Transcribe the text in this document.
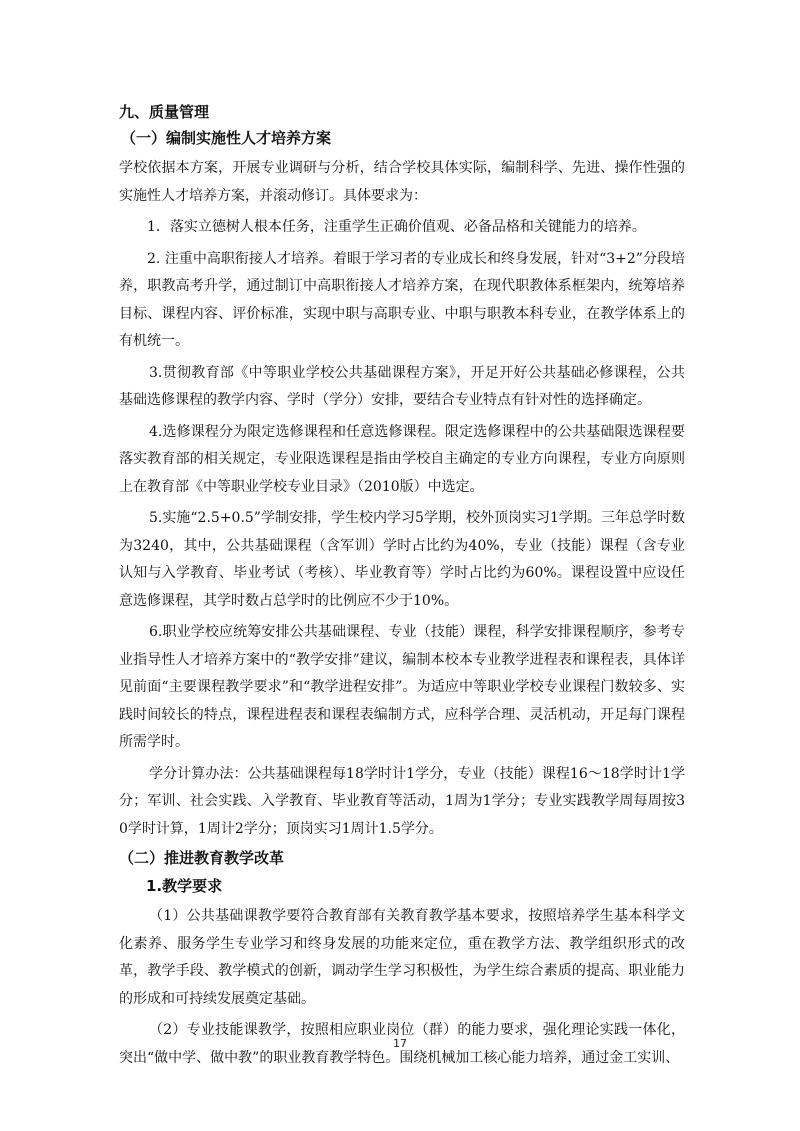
九、质量管理
（一）编制实施性人才培养方案
学校依据本方案，开展专业调研与分析，结合学校具体实际，编制科学、先进、操作性强的实施性人才培养方案，并滚动修订。具体要求为：
1．落实立德树人根本任务，注重学生正确价值观、必备品格和关键能力的培养。
2. 注重中高职衔接人才培养。着眼于学习者的专业成长和终身发展，针对“3+2”分段培养，职教高考升学，通过制订中高职衔接人才培养方案，在现代职教体系框架内，统筹培养目标、课程内容、评价标准，实现中职与高职专业、中职与职教本科专业，在教学体系上的有机统一。
3.贯彻教育部《中等职业学校公共基础课程方案》，开足开好公共基础必修课程，公共基础选修课程的教学内容、学时（学分）安排，要结合专业特点有针对性的选择确定。
4.选修课程分为限定选修课程和任意选修课程。限定选修课程中的公共基础限选课程要落实教育部的相关规定，专业限选课程是指由学校自主确定的专业方向课程，专业方向原则上在教育部《中等职业学校专业目录》（2010版）中选定。
5.实施“2.5+0.5”学制安排，学生校内学习5学期，校外顶岗实习1学期。三年总学时数为3240，其中，公共基础课程（含军训）学时占比约为40%，专业（技能）课程（含专业认知与入学教育、毕业考试（考核）、毕业教育等）学时占比约为60%。课程设置中应设任意选修课程，其学时数占总学时的比例应不少于10%。
6.职业学校应统筹安排公共基础课程、专业（技能）课程，科学安排课程顺序，参考专业指导性人才培养方案中的“教学安排”建议，编制本校本专业教学进程表和课程表，具体详见前面“主要课程教学要求”和“教学进程安排”。为适应中等职业学校专业课程门数较多、实践时间较长的特点，课程进程表和课程表编制方式，应科学合理、灵活机动，开足每门课程所需学时。
学分计算办法：公共基础课程每18学时计1学分，专业（技能）课程16～18学时计1学分；军训、社会实践、入学教育、毕业教育等活动，1周为1学分；专业实践教学周每周按30学时计算，1周计2学分；顶岗实习1周计1.5学分。
（二）推进教育教学改革
1.教学要求
（1）公共基础课教学要符合教育部有关教育教学基本要求，按照培养学生基本科学文化素养、服务学生专业学习和终身发展的功能来定位，重在教学方法、教学组织形式的改革，教学手段、教学模式的创新，调动学生学习积极性，为学生综合素质的提高、职业能力的形成和可持续发展奠定基础。
（2）专业技能课教学，按照相应职业岗位（群）的能力要求，强化理论实践一体化，突出“做中学、做中教”的职业教育教学特色。围绕机械加工核心能力培养，通过金工实训、
17
